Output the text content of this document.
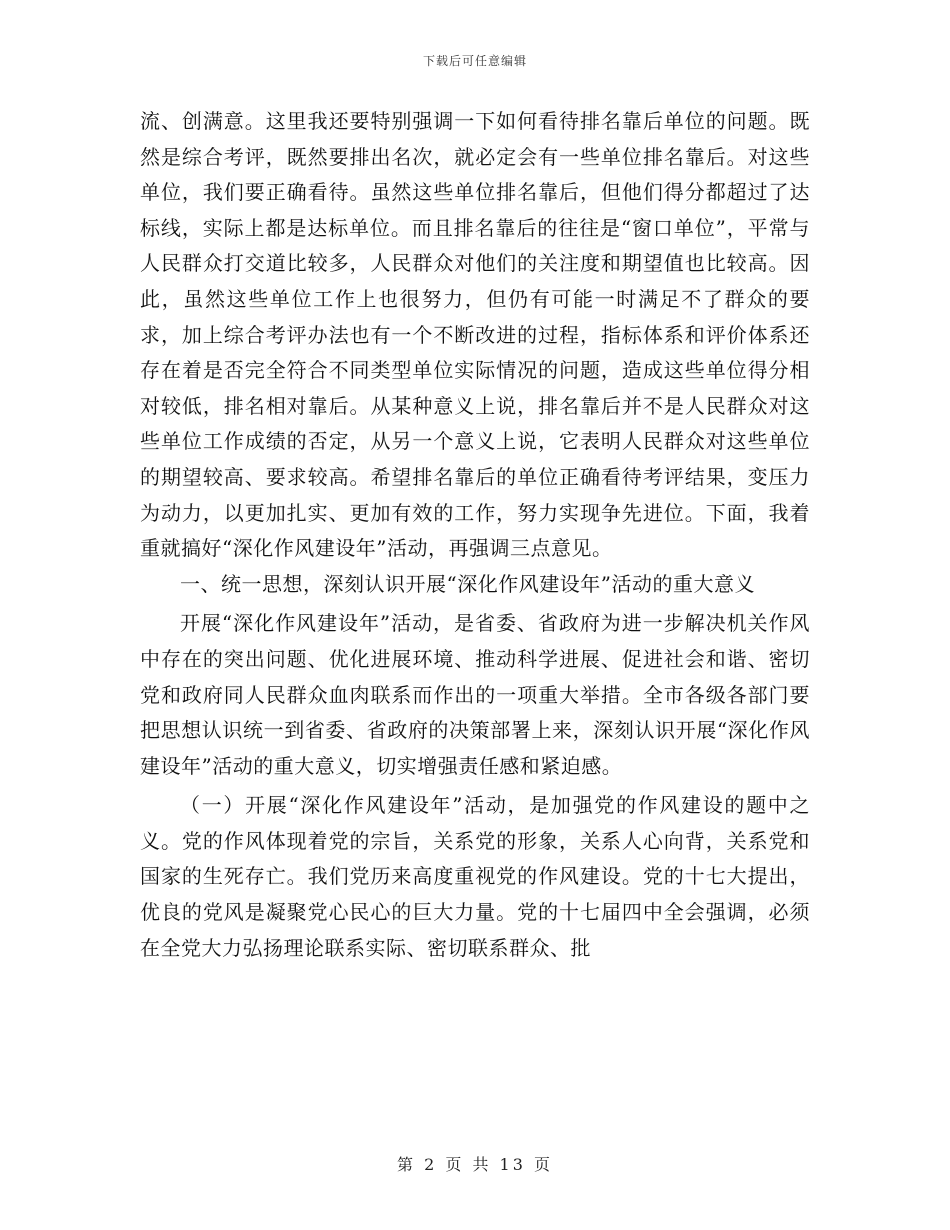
下载后可任意编辑

流、创满意。这里我还要特别强调一下如何看待排名靠后单位的问题。既然是综合考评，既然要排出名次，就必定会有一些单位排名靠后。对这些单位，我们要正确看待。虽然这些单位排名靠后，但他们得分都超过了达标线，实际上都是达标单位。而且排名靠后的往往是“窗口单位”，平常与人民群众打交道比较多，人民群众对他们的关注度和期望值也比较高。因此，虽然这些单位工作上也很努力，但仍有可能一时满足不了群众的要求，加上综合考评办法也有一个不断改进的过程，指标体系和评价体系还存在着是否完全符合不同类型单位实际情况的问题，造成这些单位得分相对较低，排名相对靠后。从某种意义上说，排名靠后并不是人民群众对这些单位工作成绩的否定，从另一个意义上说，它表明人民群众对这些单位的期望较高、要求较高。希望排名靠后的单位正确看待考评结果，变压力为动力，以更加扎实、更加有效的工作，努力实现争先进位。下面，我着重就搞好“深化作风建设年”活动，再强调三点意见。

一、统一思想，深刻认识开展“深化作风建设年”活动的重大意义

开展“深化作风建设年”活动，是省委、省政府为进一步解决机关作风中存在的突出问题、优化进展环境、推动科学进展、促进社会和谐、密切党和政府同人民群众血肉联系而作出的一项重大举措。全市各级各部门要把思想认识统一到省委、省政府的决策部署上来，深刻认识开展“深化作风建设年”活动的重大意义，切实增强责任感和紧迫感。

（一）开展“深化作风建设年”活动，是加强党的作风建设的题中之义。党的作风体现着党的宗旨，关系党的形象，关系人心向背，关系党和国家的生死存亡。我们党历来高度重视党的作风建设。党的十七大提出，优良的党风是凝聚党心民心的巨大力量。党的十七届四中全会强调，必须在全党大力弘扬理论联系实际、密切联系群众、批

第 2 页 共 13 页
